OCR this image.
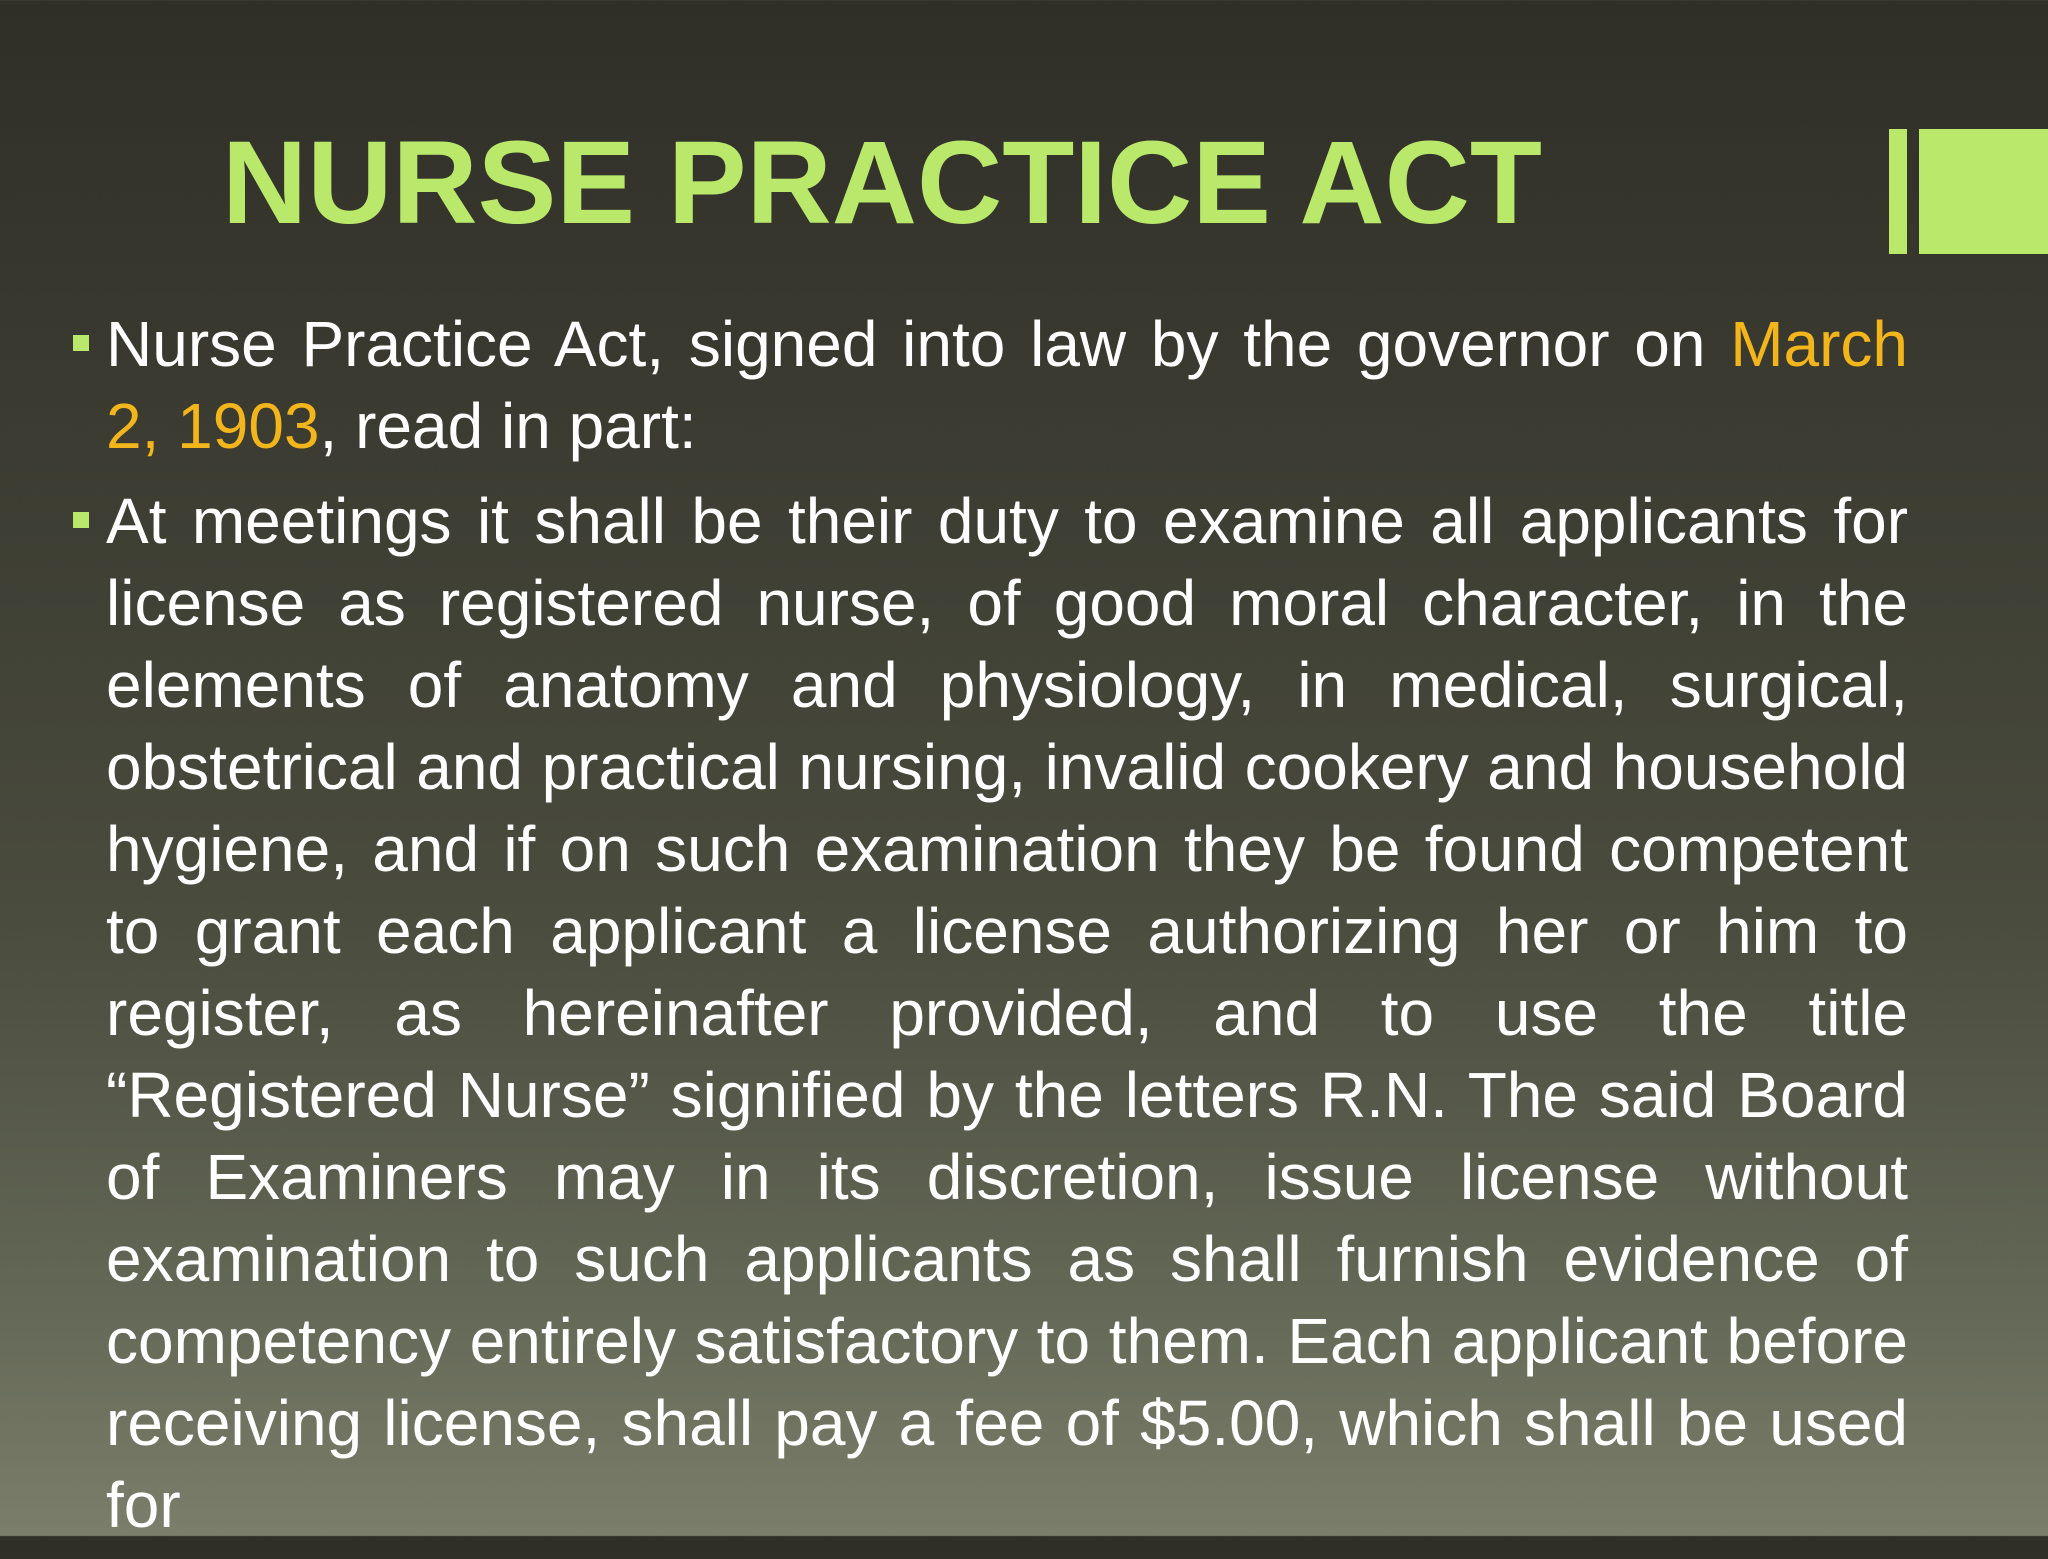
NURSE PRACTICE ACT

Nurse Practice Act, signed into law by the governor on March 2, 1903, read in part:

At meetings it shall be their duty to examine all applicants for license as registered nurse, of good moral character, in the elements of anatomy and physiology, in medical, surgical, obstetrical and practical nursing, invalid cookery and household hygiene, and if on such examination they be found competent to grant each applicant a license authorizing her or him to register, as hereinafter provided, and to use the title “Registered Nurse” signified by the letters R.N. The said Board of Examiners may in its discretion, issue license without examination to such applicants as shall furnish evidence of competency entirely satisfactory to them. Each applicant before receiving license, shall pay a fee of $5.00, which shall be used for
